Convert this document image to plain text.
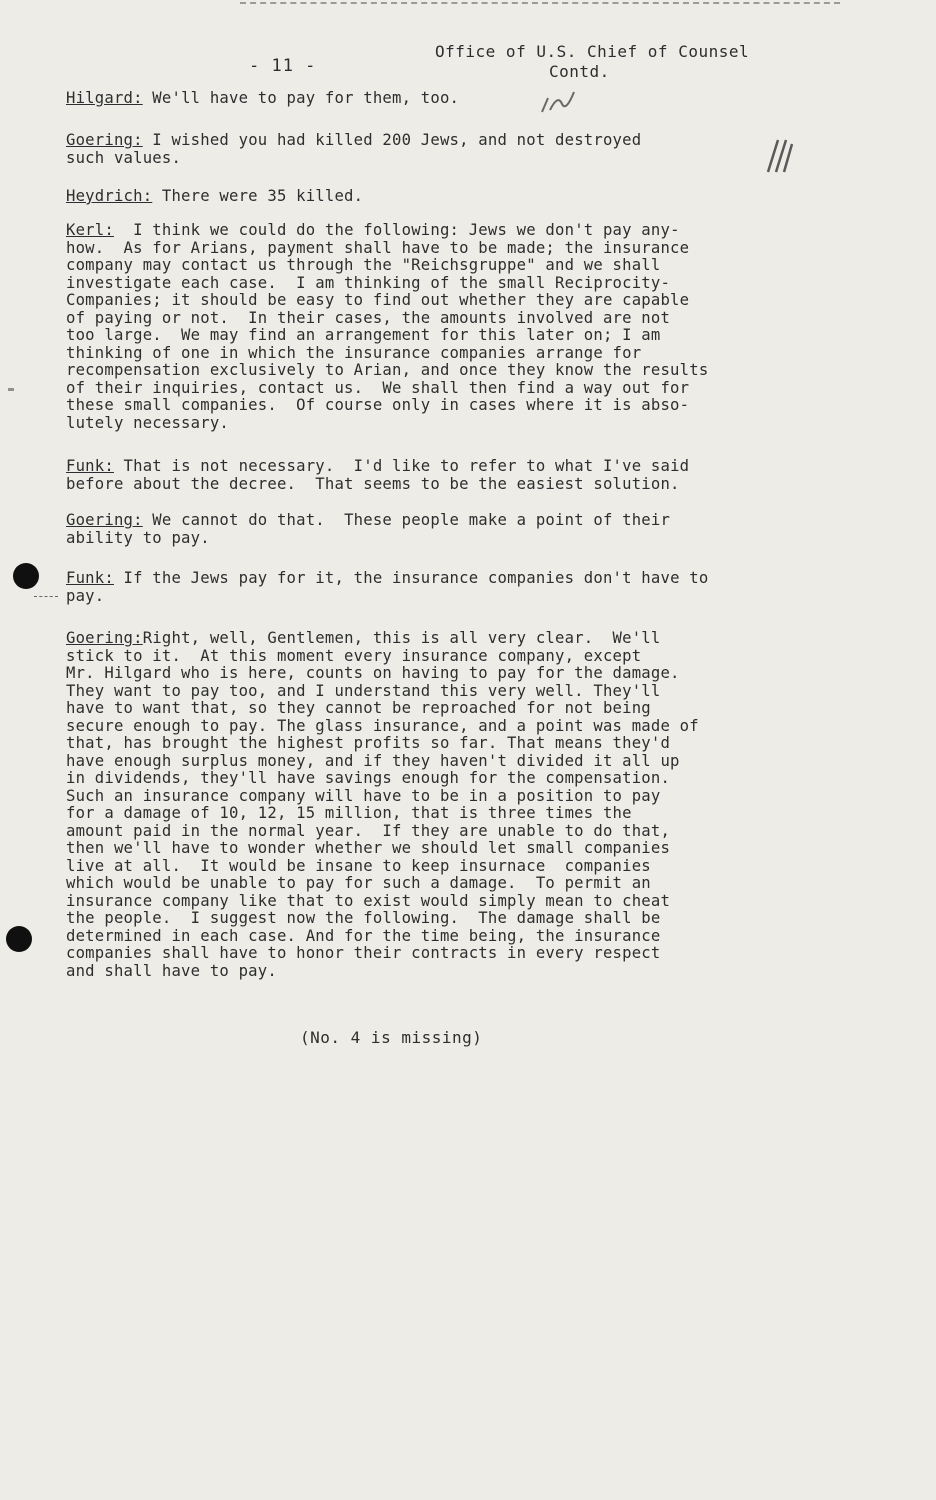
- 11 -
Office of U.S. Chief of Counsel
Contd.

Hilgard: We'll have to pay for them, too.

Goering: I wished you had killed 200 Jews, and not destroyed
such values.

Heydrich: There were 35 killed.

Kerl:  I think we could do the following: Jews we don't pay any-
how.  As for Arians, payment shall have to be made; the insurance
company may contact us through the "Reichsgruppe" and we shall
investigate each case.  I am thinking of the small Reciprocity-
Companies; it should be easy to find out whether they are capable
of paying or not.  In their cases, the amounts involved are not
too large.  We may find an arrangement for this later on; I am
thinking of one in which the insurance companies arrange for
recompensation exclusively to Arian, and once they know the results
of their inquiries, contact us.  We shall then find a way out for
these small companies.  Of course only in cases where it is abso-
lutely necessary.

Funk: That is not necessary.  I'd like to refer to what I've said
before about the decree.  That seems to be the easiest solution.

Goering: We cannot do that.  These people make a point of their
ability to pay.

Funk: If the Jews pay for it, the insurance companies don't have to
pay.

Goering:Right, well, Gentlemen, this is all very clear.  We'll
stick to it.  At this moment every insurance company, except
Mr. Hilgard who is here, counts on having to pay for the damage.
They want to pay too, and I understand this very well. They'll
have to want that, so they cannot be reproached for not being
secure enough to pay. The glass insurance, and a point was made of
that, has brought the highest profits so far. That means they'd
have enough surplus money, and if they haven't divided it all up
in dividends, they'll have savings enough for the compensation.
Such an insurance company will have to be in a position to pay
for a damage of 10, 12, 15 million, that is three times the
amount paid in the normal year.  If they are unable to do that,
then we'll have to wonder whether we should let small companies
live at all.  It would be insane to keep insurnace  companies
which would be unable to pay for such a damage.  To permit an
insurance company like that to exist would simply mean to cheat
the people.  I suggest now the following.  The damage shall be
determined in each case. And for the time being, the insurance
companies shall have to honor their contracts in every respect
and shall have to pay.

(No. 4 is missing)
